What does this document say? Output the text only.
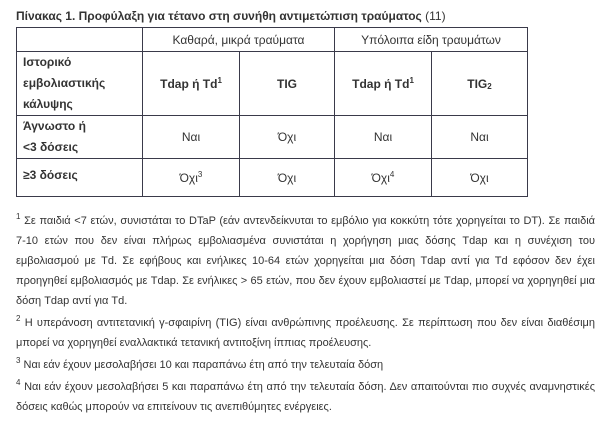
Πίνακας 1. Προφύλαξη για τέτανο στη συνήθη αντιμετώπιση τραύματος (11)
	Καθαρά, μικρά τραύματα		Υπόλοιπα είδη τραυμάτων	

Ιστορικό
εμβολιαστικής
κάλυψης	Tdap ή Td$^1$	TIG	Tdap ή Td$^1$	$TIG_2$

Άγνωστο ή
<3 δόσεις	Ναι	Όχι	Ναι	Ναι

≥3 δόσεις	Όχι$^3$	Όχι	Όχι$^4$	Όχι
$^1$ Σε παιδιά <7 ετών, συνιστάται το DTaP (εάν αντενδείκνυται το εμβόλιο για κοκκύτη τότε χορηγείται το DT). Σε παιδιά 7-10 ετών που δεν είναι πλήρως εμβολιασμένα συνιστάται η χορήγηση μιας δόσης Tdap και η συνέχιση του εμβολιασμού με Td. Σε εφήβους και ενήλικες 10-64 ετών χορηγείται μια δόση Tdap αντί για Td εφόσον δεν έχει προηγηθεί εμβολιασμός με Tdap. Σε ενήλικες > 65 ετών, που δεν έχουν εμβολιαστεί με Tdap, μπορεί να χορηγηθεί μια δόση Tdap αντί για Td.
$^2$ Η υπεράνοση αντιτετανική γ-σφαιρίνη (TIG) είναι ανθρώπινης προέλευσης. Σε περίπτωση που δεν είναι διαθέσιμη μπορεί να χορηγηθεί εναλλακτικά τετανική αντιτοξίνη ίππιας προέλευσης.
$^3$ Ναι εάν έχουν μεσολαβήσει 10 και παραπάνω έτη από την τελευταία δόση
$^4$ Ναι εάν έχουν μεσολαβήσει 5 και παραπάνω έτη από την τελευταία δόση. Δεν απαιτούνται πιο συχνές αναμνηστικές δόσεις καθώς μπορούν να επιτείνουν τις ανεπιθύμητες ενέργειες.
